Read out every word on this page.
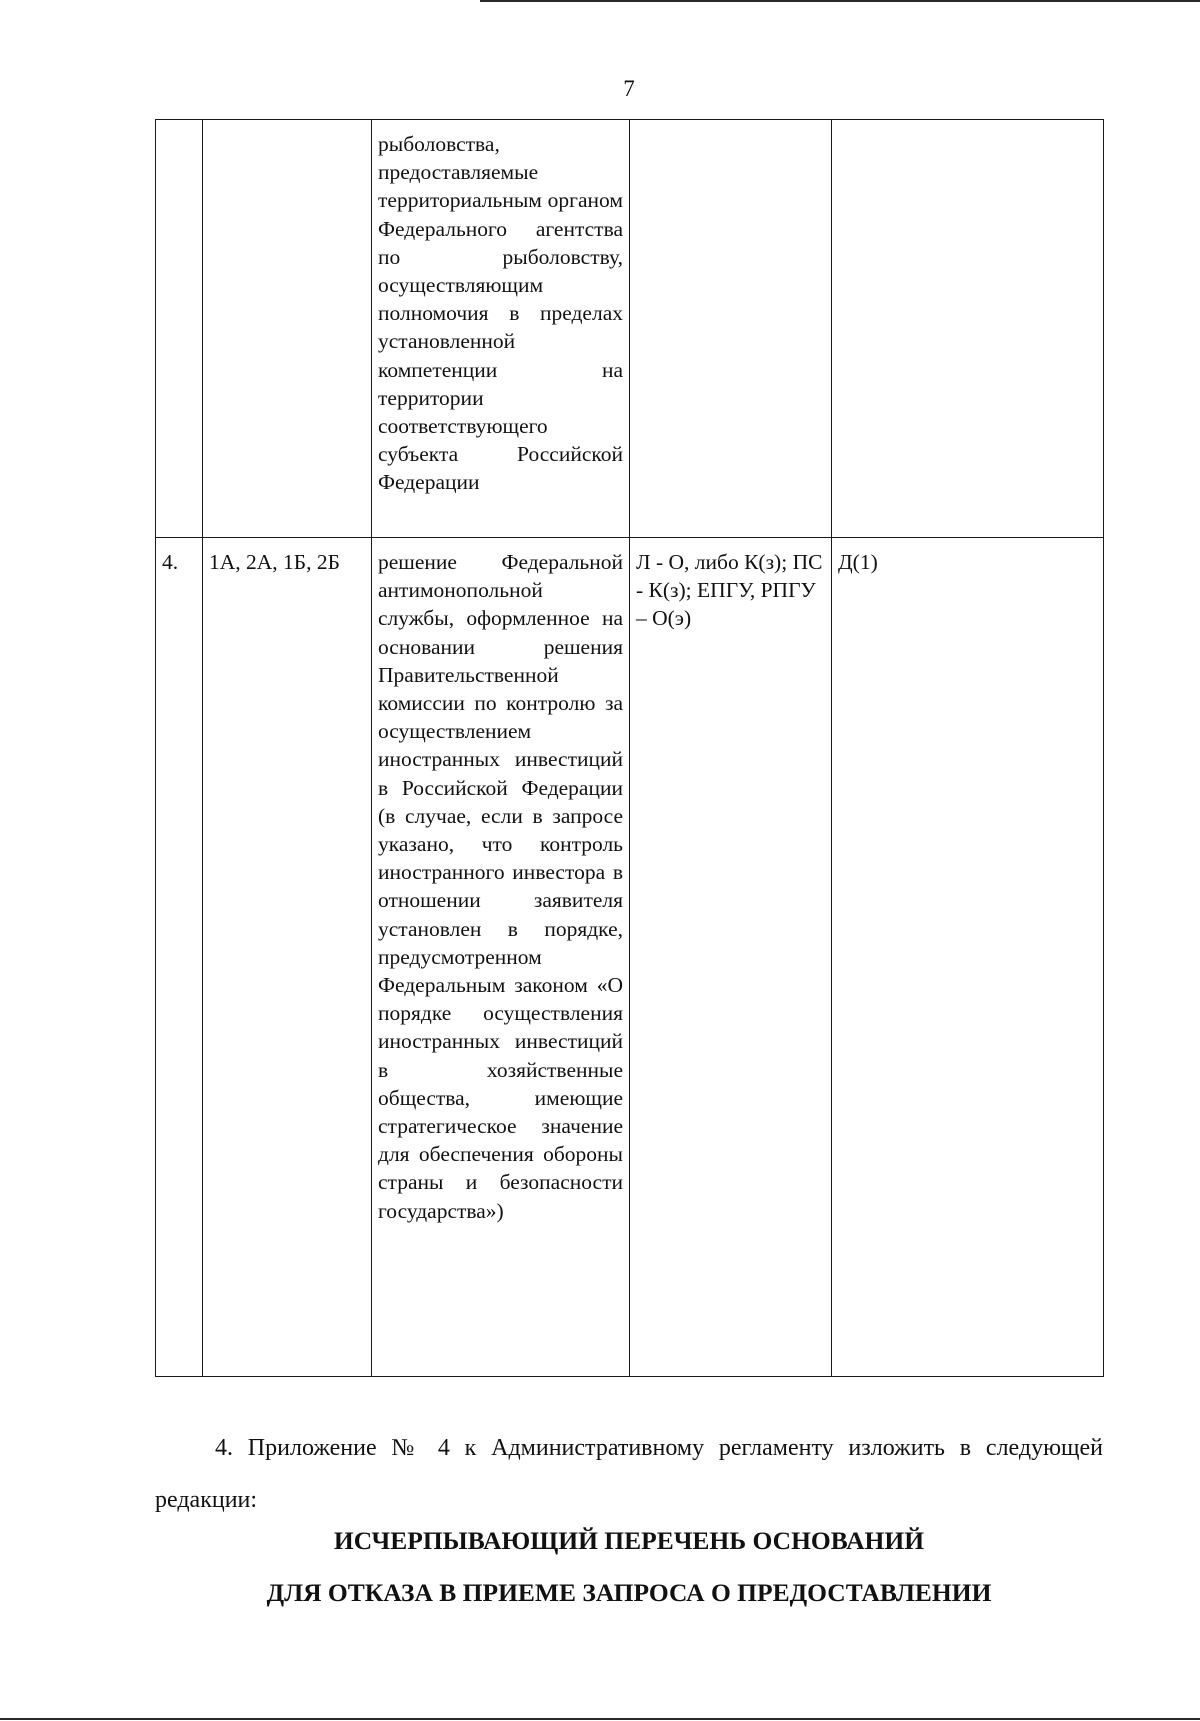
7
		рыболовства, предоставляемые территориальным органом Федерального агентства по рыболовству, осуществляющим полномочия в пределах установленной компетенции на территории соответствующего субъекта Российской Федерации		
4.	1А, 2А, 1Б, 2Б	решение Федеральной антимонопольной службы, оформленное на основании решения Правительственной комиссии по контролю за осуществлением иностранных инвестиций в Российской Федерации (в случае, если в запросе указано, что контроль иностранного инвестора в отношении заявителя установлен в порядке, предусмотренном Федеральным законом «О порядке осуществления иностранных инвестиций в хозяйственные общества, имеющие стратегическое значение для обеспечения обороны страны и безопасности государства»)	Л - О, либо К(з); ПС - К(з); ЕПГУ, РПГУ – О(э)	Д(1)
4. Приложение № 4 к Административному регламенту изложить в следующей редакции:
ИСЧЕРПЫВАЮЩИЙ ПЕРЕЧЕНЬ ОСНОВАНИЙ
ДЛЯ ОТКАЗА В ПРИЕМЕ ЗАПРОСА О ПРЕДОСТАВЛЕНИИ
